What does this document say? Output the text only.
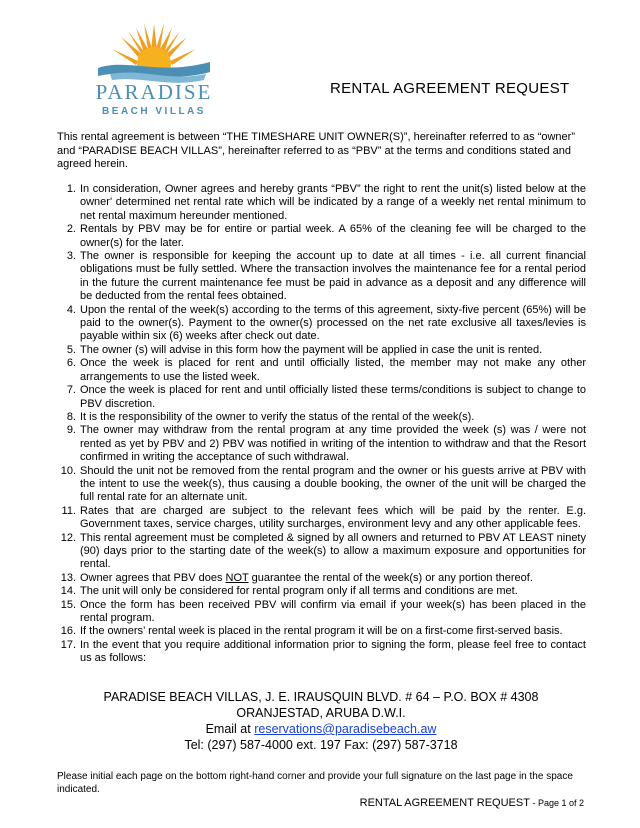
PARADISE
BEACH VILLAS
RENTAL AGREEMENT REQUEST
This rental agreement is between “THE TIMESHARE UNIT OWNER(S)”, hereinafter referred to as “owner” and “PARADISE BEACH VILLAS”, hereinafter referred to as “PBV” at the terms and conditions stated and agreed herein.
1. In consideration, Owner agrees and hereby grants “PBV” the right to rent the unit(s) listed below at the owner' determined net rental rate which will be indicated by a range of a weekly net rental minimum to net rental maximum hereunder mentioned.
2. Rentals by PBV may be for entire or partial week. A 65% of the cleaning fee will be charged to the owner(s) for the later.
3. The owner is responsible for keeping the account up to date at all times - i.e. all current financial obligations must be fully settled. Where the transaction involves the maintenance fee for a rental period in the future the current maintenance fee must be paid in advance as a deposit and any difference will be deducted from the rental fees obtained.
4. Upon the rental of the week(s) according to the terms of this agreement, sixty-five percent (65%) will be paid to the owner(s). Payment to the owner(s) processed on the net rate exclusive all taxes/levies is payable within six (6) weeks after check out date.
5. The owner (s) will advise in this form how the payment will be applied in case the unit is rented.
6. Once the week is placed for rent and until officially listed, the member may not make any other arrangements to use the listed week.
7. Once the week is placed for rent and until officially listed these terms/conditions is subject to change to PBV discretion.
8. It is the responsibility of the owner to verify the status of the rental of the week(s).
9. The owner may withdraw from the rental program at any time provided the week (s) was / were not rented as yet by PBV and 2) PBV was notified in writing of the intention to withdraw and that the Resort confirmed in writing the acceptance of such withdrawal.
10. Should the unit not be removed from the rental program and the owner or his guests arrive at PBV with the intent to use the week(s), thus causing a double booking, the owner of the unit will be charged the full rental rate for an alternate unit.
11. Rates that are charged are subject to the relevant fees which will be paid by the renter. E.g. Government taxes, service charges, utility surcharges, environment levy and any other applicable fees.
12. This rental agreement must be completed & signed by all owners and returned to PBV AT LEAST ninety (90) days prior to the starting date of the week(s) to allow a maximum exposure and opportunities for rental.
13. Owner agrees that PBV does NOT guarantee the rental of the week(s) or any portion thereof.
14. The unit will only be considered for rental program only if all terms and conditions are met.
15. Once the form has been received PBV will confirm via email if your week(s) has been placed in the rental program.
16. If the owners’ rental week is placed in the rental program it will be on a first-come first-served basis.
17. In the event that you require additional information prior to signing the form, please feel free to contact us as follows:
PARADISE BEACH VILLAS, J. E. IRAUSQUIN BLVD. # 64 – P.O. BOX # 4308
ORANJESTAD, ARUBA D.W.I.
Email at reservations@paradisebeach.aw
Tel: (297) 587-4000 ext. 197 Fax: (297) 587-3718
Please initial each page on the bottom right-hand corner and provide your full signature on the last page in the space indicated.
RENTAL AGREEMENT REQUEST - Page 1 of 2
